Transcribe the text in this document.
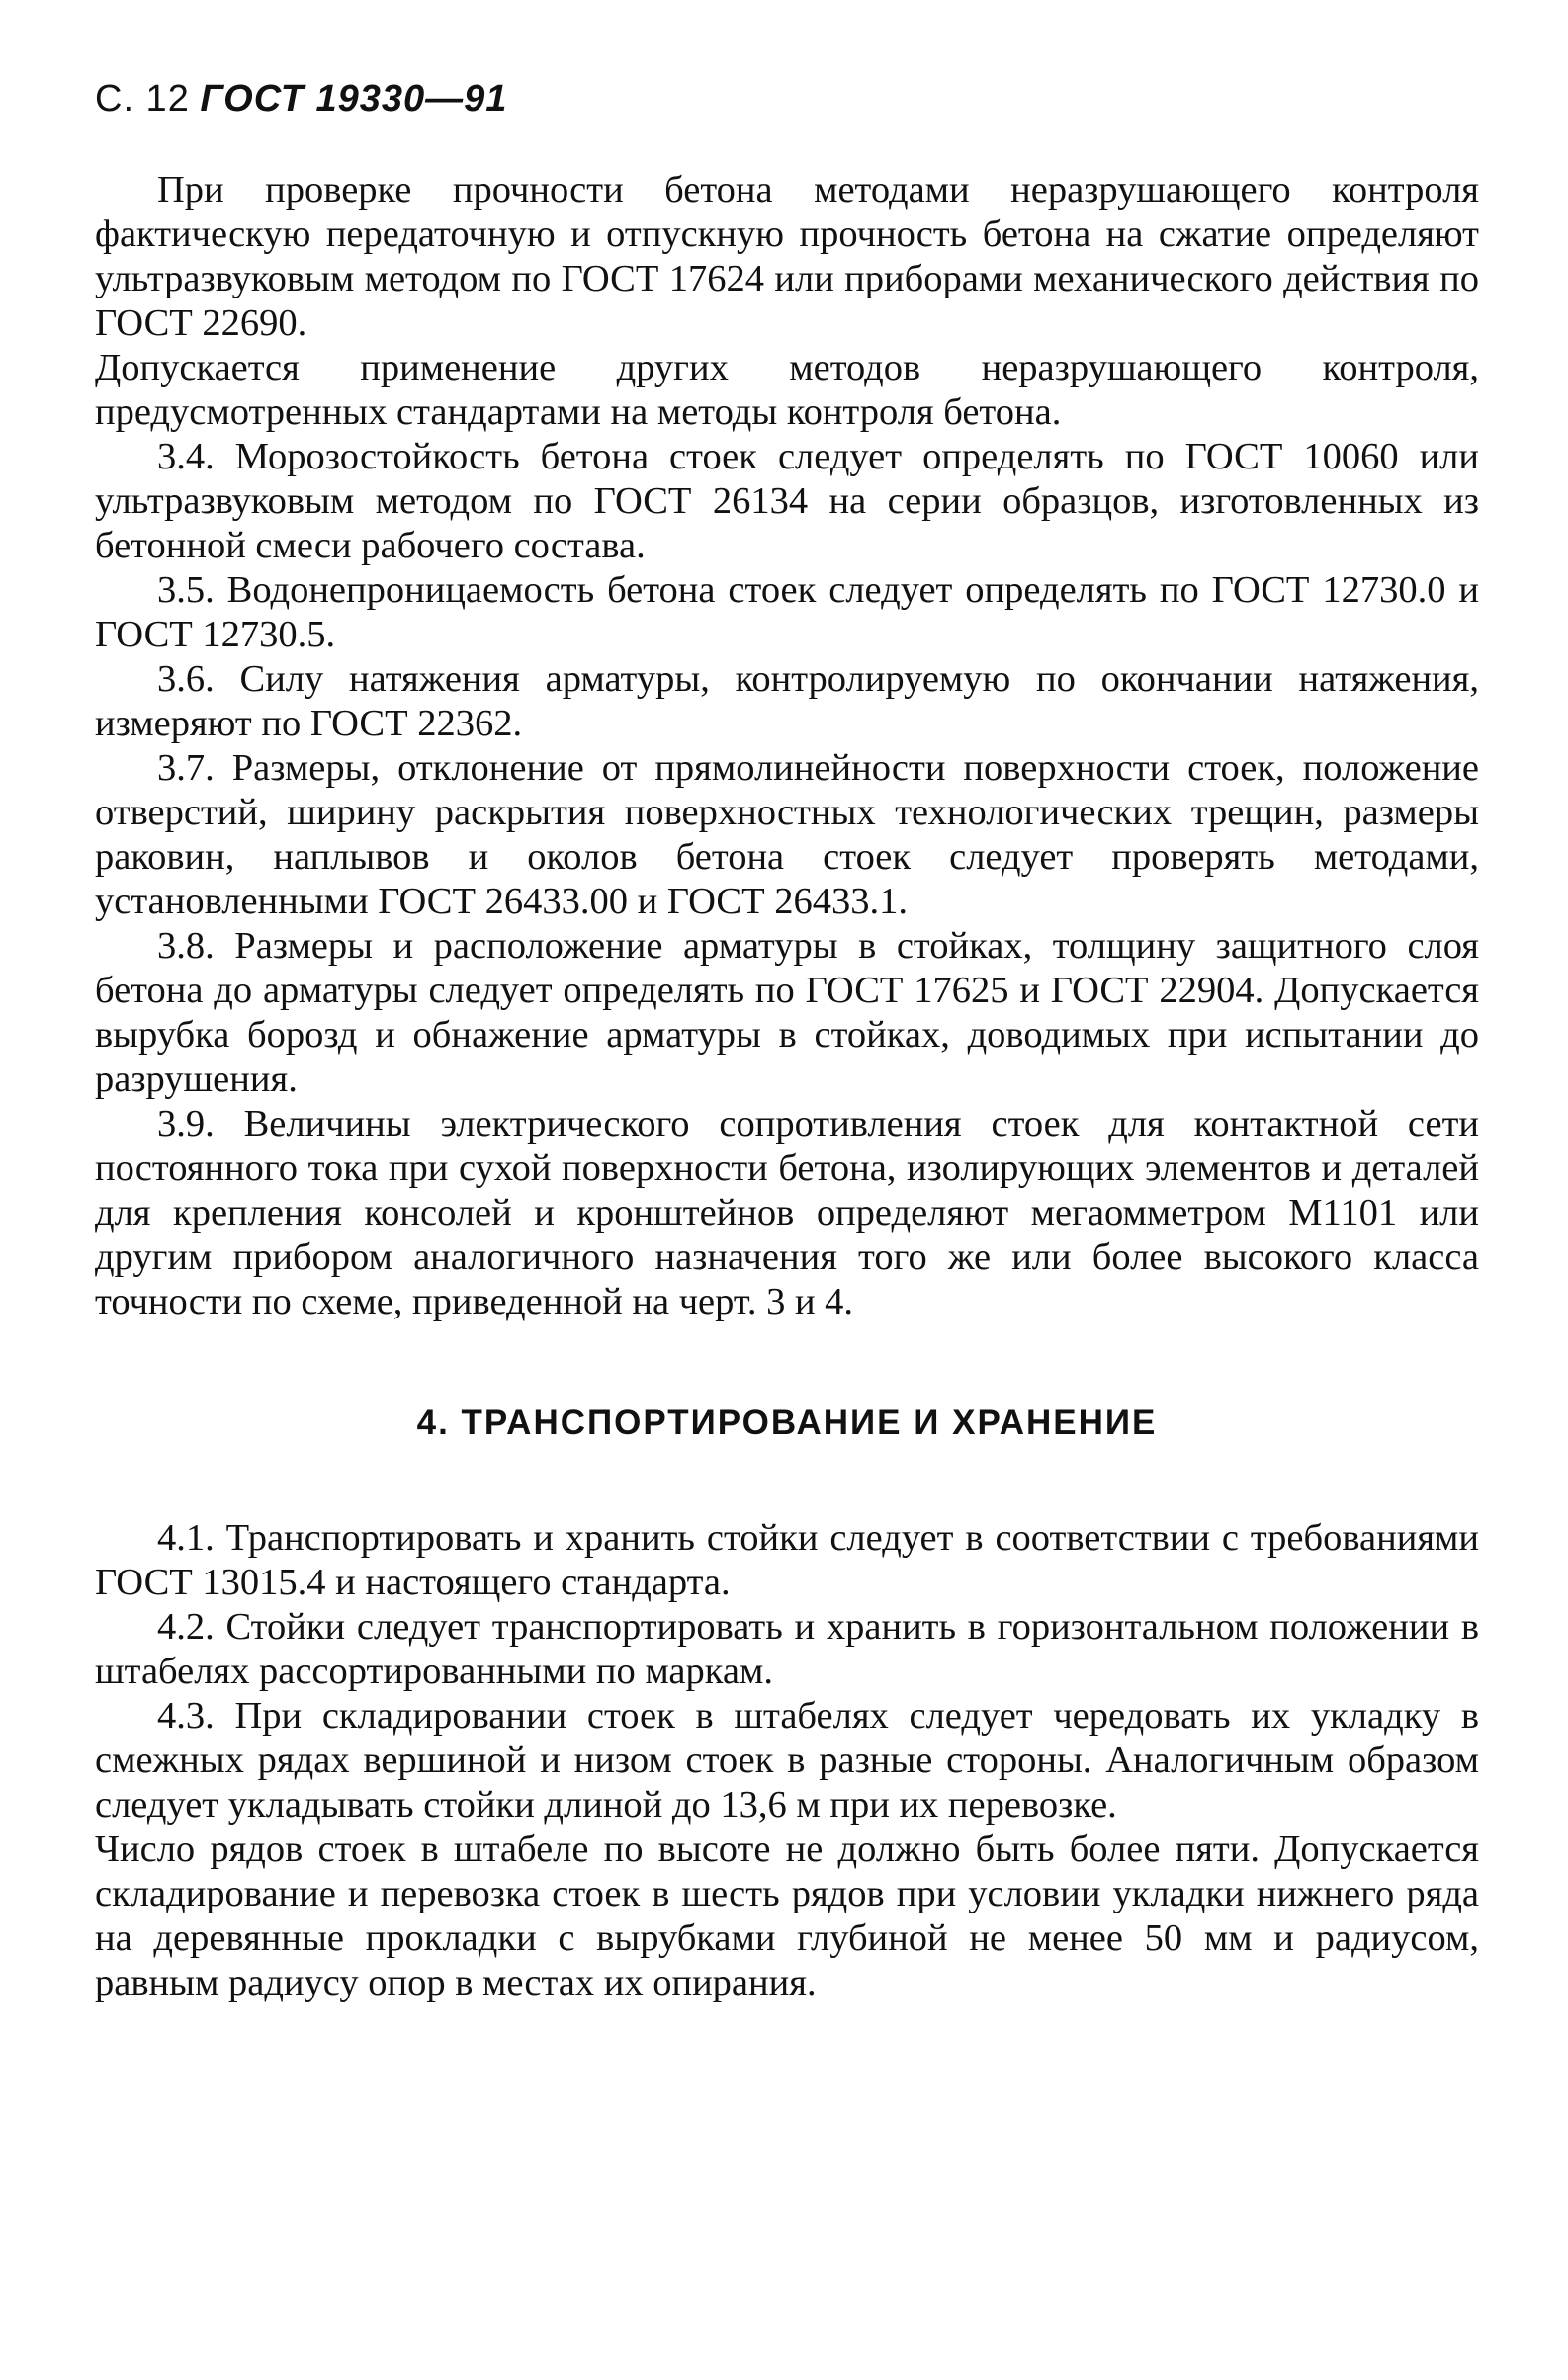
С. 12 ГОСТ 19330—91

При проверке прочности бетона методами неразрушающего контроля фактическую передаточную и отпускную прочность бетона на сжатие определяют ультразвуковым методом по ГОСТ 17624 или приборами механического действия по ГОСТ 22690.

Допускается применение других методов неразрушающего контроля, предусмотренных стандартами на методы контроля бетона.

3.4. Морозостойкость бетона стоек следует определять по ГОСТ 10060 или ультразвуковым методом по ГОСТ 26134 на серии образцов, изготовленных из бетонной смеси рабочего состава.

3.5. Водонепроницаемость бетона стоек следует определять по ГОСТ 12730.0 и ГОСТ 12730.5.

3.6. Силу натяжения арматуры, контролируемую по окончании натяжения, измеряют по ГОСТ 22362.

3.7. Размеры, отклонение от прямолинейности поверхности стоек, положение отверстий, ширину раскрытия поверхностных технологических трещин, размеры раковин, наплывов и околов бетона стоек следует проверять методами, установленными ГОСТ 26433.00 и ГОСТ 26433.1.

3.8. Размеры и расположение арматуры в стойках, толщину защитного слоя бетона до арматуры следует определять по ГОСТ 17625 и ГОСТ 22904. Допускается вырубка борозд и обнажение арматуры в стойках, доводимых при испытании до разрушения.

3.9. Величины электрического сопротивления стоек для контактной сети постоянного тока при сухой поверхности бетона, изолирующих элементов и деталей для крепления консолей и кронштейнов определяют мегаомметром М1101 или другим прибором аналогичного назначения того же или более высокого класса точности по схеме, приведенной на черт. 3 и 4.

4. ТРАНСПОРТИРОВАНИЕ И ХРАНЕНИЕ

4.1. Транспортировать и хранить стойки следует в соответствии с требованиями ГОСТ 13015.4 и настоящего стандарта.

4.2. Стойки следует транспортировать и хранить в горизонтальном положении в штабелях рассортированными по маркам.

4.3. При складировании стоек в штабелях следует чередовать их укладку в смежных рядах вершиной и низом стоек в разные стороны. Аналогичным образом следует укладывать стойки длиной до 13,6 м при их перевозке.

Число рядов стоек в штабеле по высоте не должно быть более пяти. Допускается складирование и перевозка стоек в шесть рядов при условии укладки нижнего ряда на деревянные прокладки с вырубками глубиной не менее 50 мм и радиусом, равным радиусу опор в местах их опирания.
